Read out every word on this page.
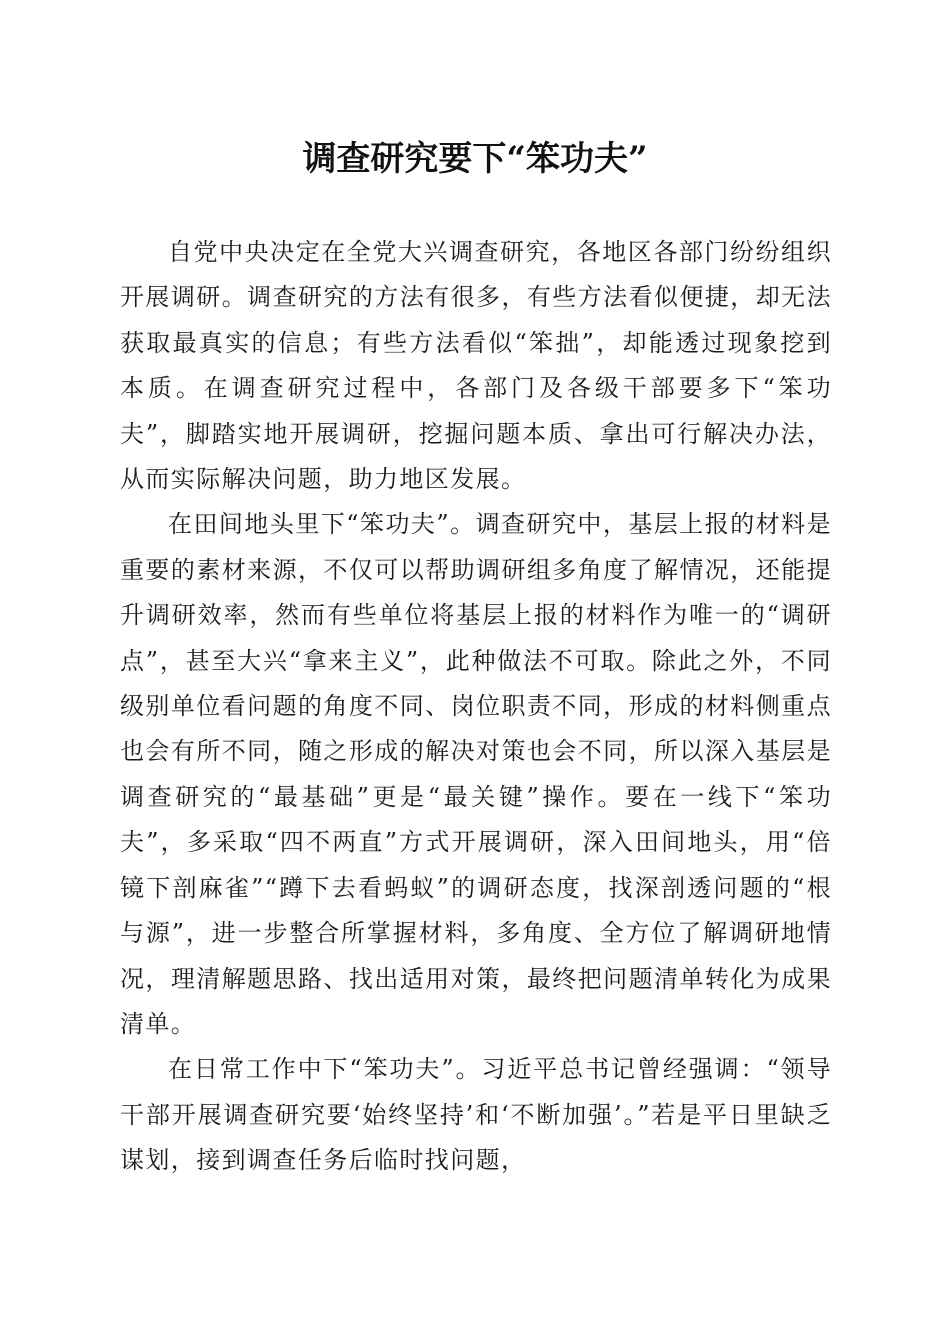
调查研究要下“笨功夫”

自党中央决定在全党大兴调查研究，各地区各部门纷纷组织开展调研。调查研究的方法有很多，有些方法看似便捷，却无法获取最真实的信息；有些方法看似“笨拙”，却能透过现象挖到本质。在调查研究过程中，各部门及各级干部要多下“笨功夫”，脚踏实地开展调研，挖掘问题本质、拿出可行解决办法，从而实际解决问题，助力地区发展。

在田间地头里下“笨功夫”。调查研究中，基层上报的材料是重要的素材来源，不仅可以帮助调研组多角度了解情况，还能提升调研效率，然而有些单位将基层上报的材料作为唯一的“调研点”，甚至大兴“拿来主义”，此种做法不可取。除此之外，不同级别单位看问题的角度不同、岗位职责不同，形成的材料侧重点也会有所不同，随之形成的解决对策也会不同，所以深入基层是调查研究的“最基础”更是“最关键”操作。要在一线下“笨功夫”，多采取“四不两直”方式开展调研，深入田间地头，用“倍镜下剖麻雀”“蹲下去看蚂蚁”的调研态度，找深剖透问题的“根与源”，进一步整合所掌握材料，多角度、全方位了解调研地情况，理清解题思路、找出适用对策，最终把问题清单转化为成果清单。

在日常工作中下“笨功夫”。习近平总书记曾经强调：“领导干部开展调查研究要‘始终坚持’和‘不断加强’。”若是平日里缺乏谋划，接到调查任务后临时找问题，
